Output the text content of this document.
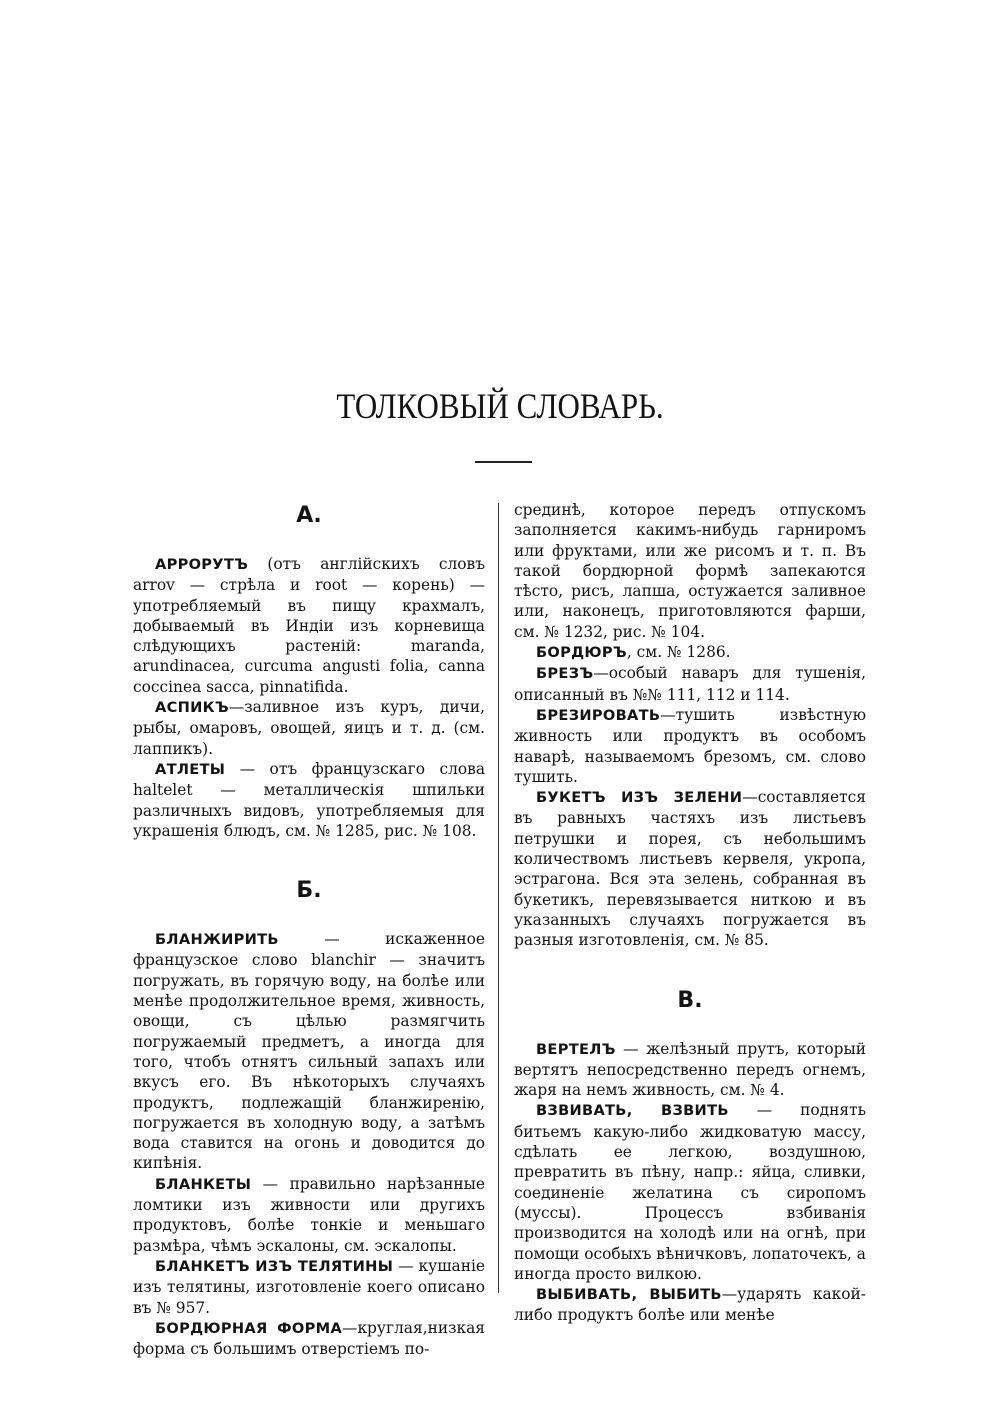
ТОЛКОВЫЙ СЛОВАРЬ.
А.

АРРОРУТЪ (отъ англійскихъ словъ arrov — стрѣла и root — корень) — употребляемый въ пищу крахмалъ, добываемый въ Индіи изъ корневища слѣдующихъ растеній: maranda, arundinacea, curcuma angusti folia, canna coccinea sacca, pinnatifida.

АСПИКЪ—заливное изъ куръ, дичи, рыбы, омаровъ, овощей, яицъ и т. д. (см. лаппикъ).

АТЛЕТЫ — отъ французскаго слова haltelet — металлическія шпильки различныхъ видовъ, употребляемыя для украшенія блюдъ, см. № 1285, рис. № 108.

Б.

БЛАНЖИРИТЬ — искаженное французское слово blanchir — значитъ погружать, въ горячую воду, на болѣе или менѣе продолжительное время, живность, овощи, съ цѣлью размягчить погружаемый предметъ, а иногда для того, чтобъ отнятъ сильный запахъ или вкусъ его. Въ нѣкоторыхъ случаяхъ продуктъ, подлежащій бланжиренію, погружается въ холодную воду, а затѣмъ вода ставится на огонь и доводится до кипѣнія.

БЛАНКЕТЫ — правильно нарѣзанные ломтики изъ живности или другихъ продуктовъ, болѣе тонкіе и меньшаго размѣра, чѣмъ эскалоны, см. эскалопы.

БЛАНКЕТЪ ИЗЪ ТЕЛЯТИНЫ — кушаніе изъ телятины, изготовленіе коего описано въ № 957.

БОРДЮРНАЯ ФОРМА—круглая,низкая форма съ большимъ отверстіемъ по-

срединѣ, которое передъ отпускомъ заполняется какимъ-нибудь гарниромъ или фруктами, или же рисомъ и т. п. Въ такой бордюрной формѣ запекаются тѣсто, рисъ, лапша, остужается заливное или, наконецъ, приготовляются фарши, см. № 1232, рис. № 104.

БОРДЮРЪ, см. № 1286.

БРЕЗЪ—особый наваръ для тушенія, описанный въ №№ 111, 112 и 114.

БРЕЗИРОВАТЬ—тушить извѣстную живность или продуктъ въ особомъ наварѣ, называемомъ брезомъ, см. слово тушить.

БУКЕТЪ ИЗЪ ЗЕЛЕНИ—составляется въ равныхъ частяхъ изъ листьевъ петрушки и порея, съ небольшимъ количествомъ листьевъ кервеля, укропа, эстрагона. Вся эта зелень, собранная въ букетикъ, перевязывается ниткою и въ указанныхъ случаяхъ погружается въ разныя изготовленія, см. № 85.

В.

ВЕРТЕЛЪ — желѣзный прутъ, который вертятъ непосредственно передъ огнемъ, жаря на немъ живность, см. № 4.

ВЗВИВАТЬ, ВЗВИТЬ — поднять битьемъ какую-либо жидковатую массу, сдѣлать ее легкою, воздушною, превратить въ пѣну, напр.: яйца, сливки, соединеніе желатина съ сиропомъ (муссы). Процессъ взбиванія производится на холодѣ или на огнѣ, при помощи особыхъ вѣничковъ, лопаточекъ, а иногда просто вилкою.

ВЫБИВАТЬ, ВЫБИТЬ—ударять какой-либо продуктъ болѣе или менѣе
